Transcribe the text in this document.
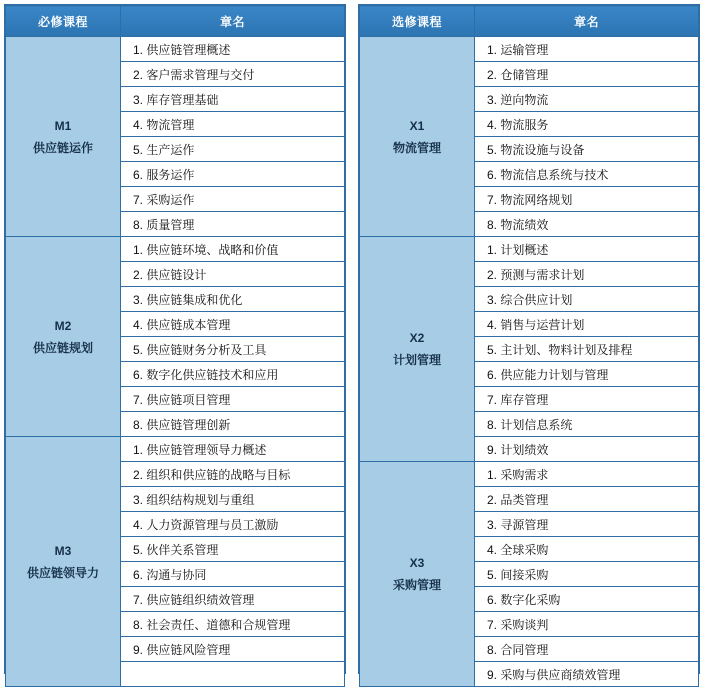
必修课程	章名

M1
供应链运作	1. 供应链管理概述
	2. 客户需求管理与交付
	3. 库存管理基础
	4. 物流管理
	5. 生产运作
	6. 服务运作
	7. 采购运作
	8. 质量管理

M2
供应链规划	1. 供应链环境、战略和价值
	2. 供应链设计
	3. 供应链集成和优化
	4. 供应链成本管理
	5. 供应链财务分析及工具
	6. 数字化供应链技术和应用
	7. 供应链项目管理
	8. 供应链管理创新

M3
供应链领导力	1. 供应链管理领导力概述
	2. 组织和供应链的战略与目标
	3. 组织结构规划与重组
	4. 人力资源管理与员工激励
	5. 伙伴关系管理
	6. 沟通与协同
	7. 供应链组织绩效管理
	8. 社会责任、道德和合规管理
	9. 供应链风险管理

选修课程	章名

X1
物流管理	1. 运输管理
	2. 仓储管理
	3. 逆向物流
	4. 物流服务
	5. 物流设施与设备
	6. 物流信息系统与技术
	7. 物流网络规划
	8. 物流绩效

X2
计划管理	1. 计划概述
	2. 预测与需求计划
	3. 综合供应计划
	4. 销售与运营计划
	5. 主计划、物料计划及排程
	6. 供应能力计划与管理
	7. 库存管理
	8. 计划信息系统
	9. 计划绩效

X3
采购管理	1. 采购需求
	2. 品类管理
	3. 寻源管理
	4. 全球采购
	5. 间接采购
	6. 数字化采购
	7. 采购谈判
	8. 合同管理
	9. 采购与供应商绩效管理
